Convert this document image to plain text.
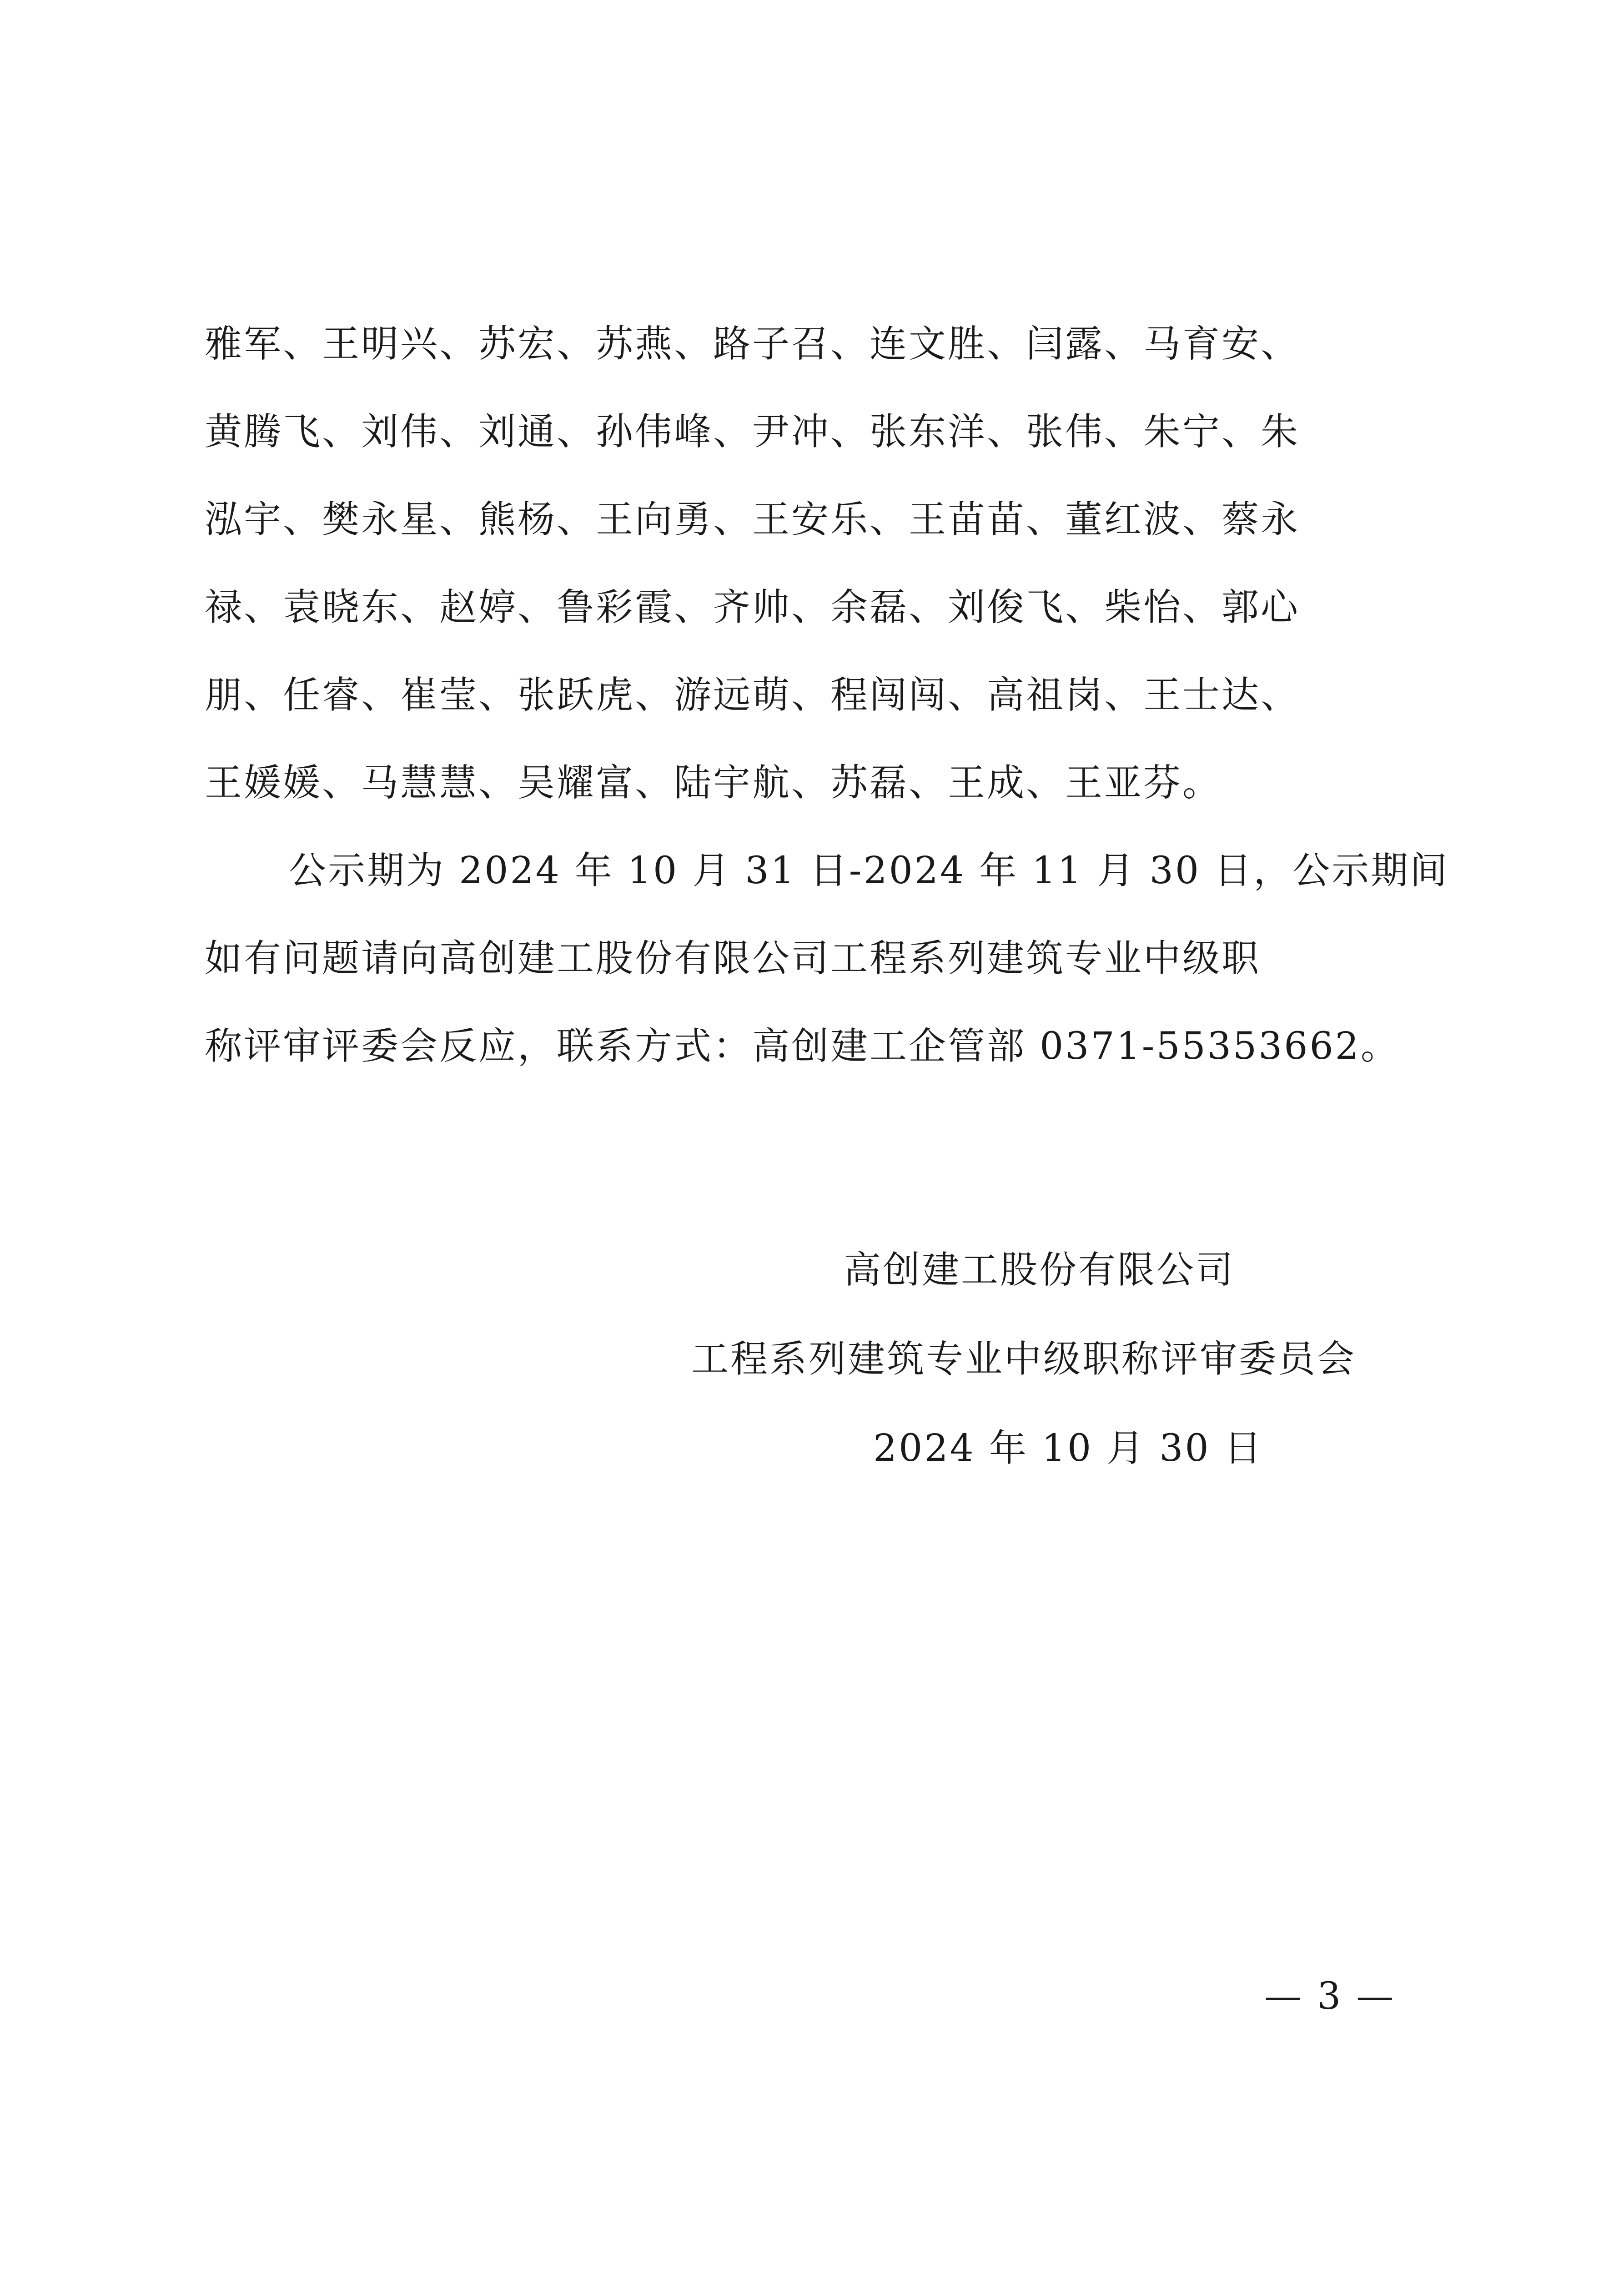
雅军、王明兴、苏宏、苏燕、路子召、连文胜、闫露、马育安、
黄腾飞、刘伟、刘通、孙伟峰、尹冲、张东洋、张伟、朱宁、朱
泓宇、樊永星、熊杨、王向勇、王安乐、王苗苗、董红波、蔡永
禄、袁晓东、赵婷、鲁彩霞、齐帅、余磊、刘俊飞、柴怡、郭心
朋、任睿、崔莹、张跃虎、游远萌、程闯闯、高祖岗、王士达、
王媛媛、马慧慧、吴耀富、陆宇航、苏磊、王成、王亚芬。
公示期为 2024 年 10 月 31 日-2024 年 11 月 30 日，公示期间
如有问题请向高创建工股份有限公司工程系列建筑专业中级职
称评审评委会反应，联系方式：高创建工企管部 0371-55353662。
高创建工股份有限公司
工程系列建筑专业中级职称评审委员会
2024 年 10 月 30 日
— 3 —
